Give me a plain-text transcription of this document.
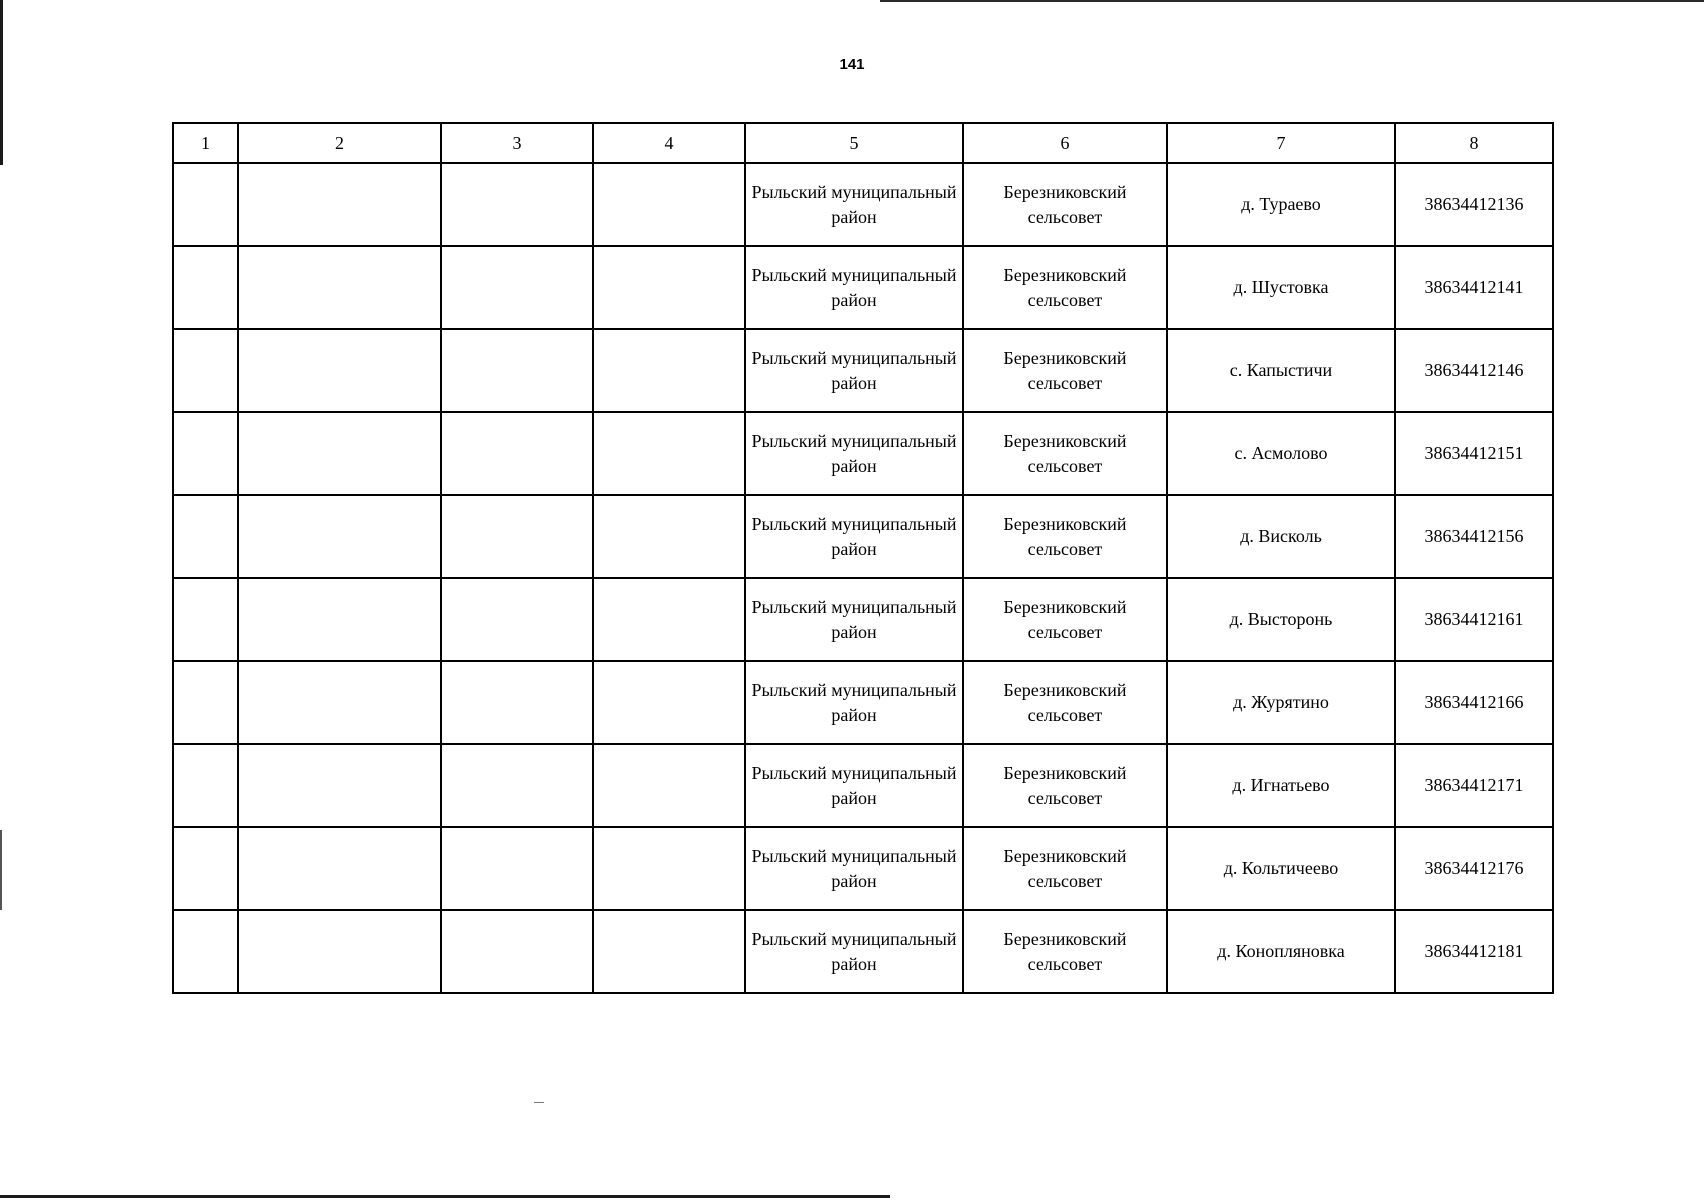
141
1	2	3	4	5	6	7	8
				Рыльский муниципальный район	Березниковский сельсовет	д. Тураево	38634412136
				Рыльский муниципальный район	Березниковский сельсовет	д. Шустовка	38634412141
				Рыльский муниципальный район	Березниковский сельсовет	с. Капыстичи	38634412146
				Рыльский муниципальный район	Березниковский сельсовет	с. Асмолово	38634412151
				Рыльский муниципальный район	Березниковский сельсовет	д. Висколь	38634412156
				Рыльский муниципальный район	Березниковский сельсовет	д. Высторонь	38634412161
				Рыльский муниципальный район	Березниковский сельсовет	д. Журятино	38634412166
				Рыльский муниципальный район	Березниковский сельсовет	д. Игнатьево	38634412171
				Рыльский муниципальный район	Березниковский сельсовет	д. Кольтичеево	38634412176
				Рыльский муниципальный район	Березниковский сельсовет	д. Конопляновка	38634412181
